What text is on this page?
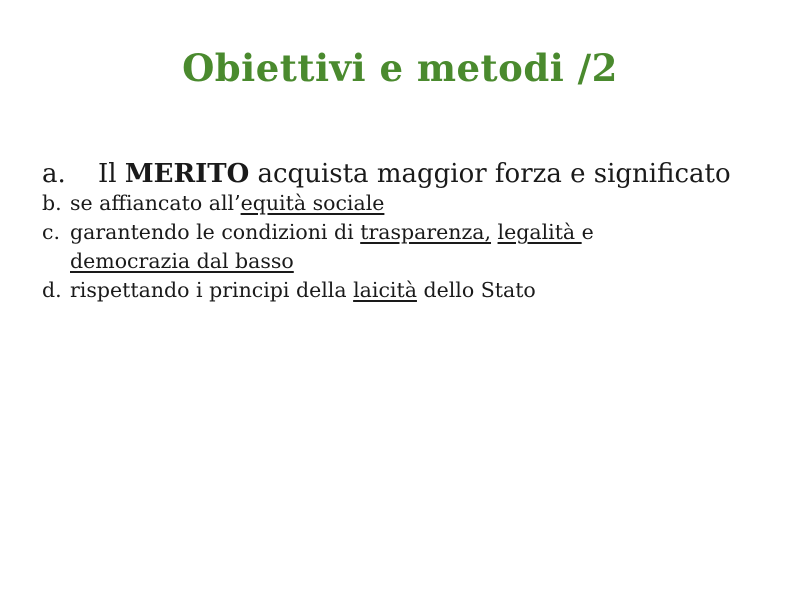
Obiettivi e metodi /2
a. Il MERITO acquista maggior forza e significato
b. se affiancato all’equità sociale
c. garantendo le condizioni di trasparenza, legalità e
democrazia dal basso
d. rispettando i principi della laicità dello Stato
